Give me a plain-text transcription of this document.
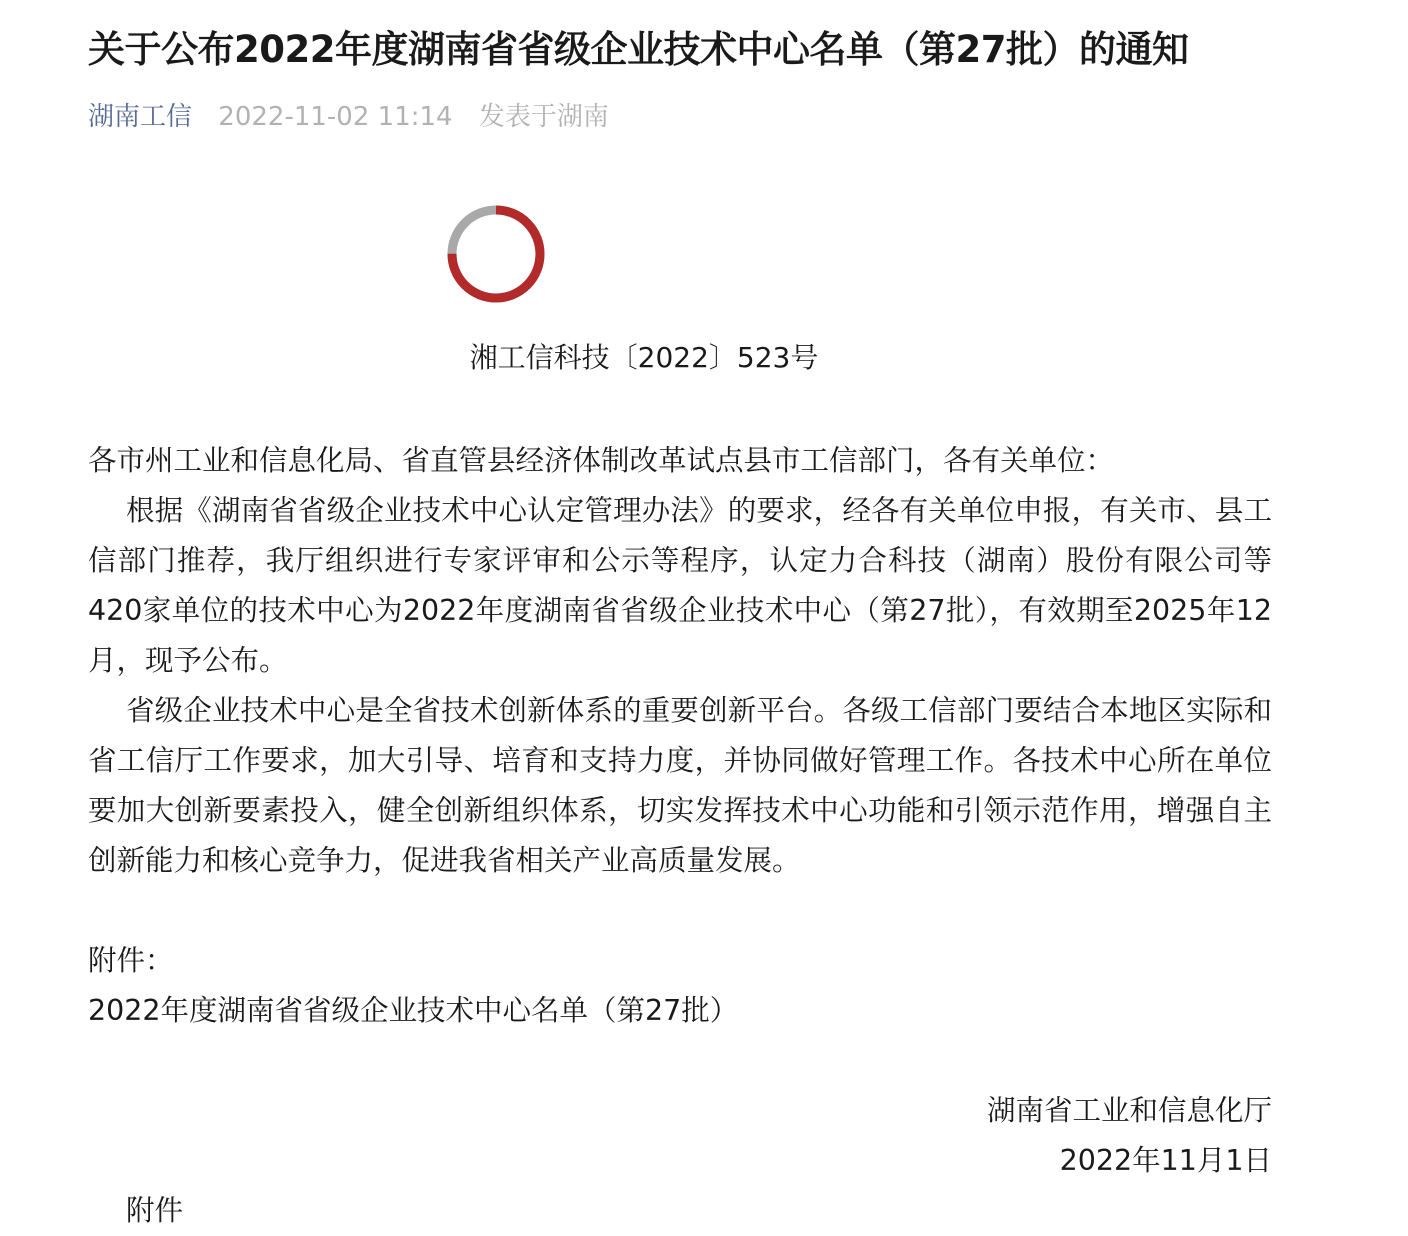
关于公布2022年度湖南省省级企业技术中心名单（第27批）的通知
湖南工信 2022-11-02 11:14 发表于湖南
湘工信科技〔2022〕523号

各市州工业和信息化局、省直管县经济体制改革试点县市工信部门，各有关单位：

根据《湖南省省级企业技术中心认定管理办法》的要求，经各有关单位申报，有关市、县工信部门推荐，我厅组织进行专家评审和公示等程序，认定力合科技（湖南）股份有限公司等420家单位的技术中心为2022年度湖南省省级企业技术中心（第27批），有效期至2025年12月，现予公布。

省级企业技术中心是全省技术创新体系的重要创新平台。各级工信部门要结合本地区实际和省工信厅工作要求，加大引导、培育和支持力度，并协同做好管理工作。各技术中心所在单位要加大创新要素投入，健全创新组织体系，切实发挥技术中心功能和引领示范作用，增强自主创新能力和核心竞争力，促进我省相关产业高质量发展。

附件：
2022年度湖南省省级企业技术中心名单（第27批）
湖南省工业和信息化厅
2022年11月1日
附件
